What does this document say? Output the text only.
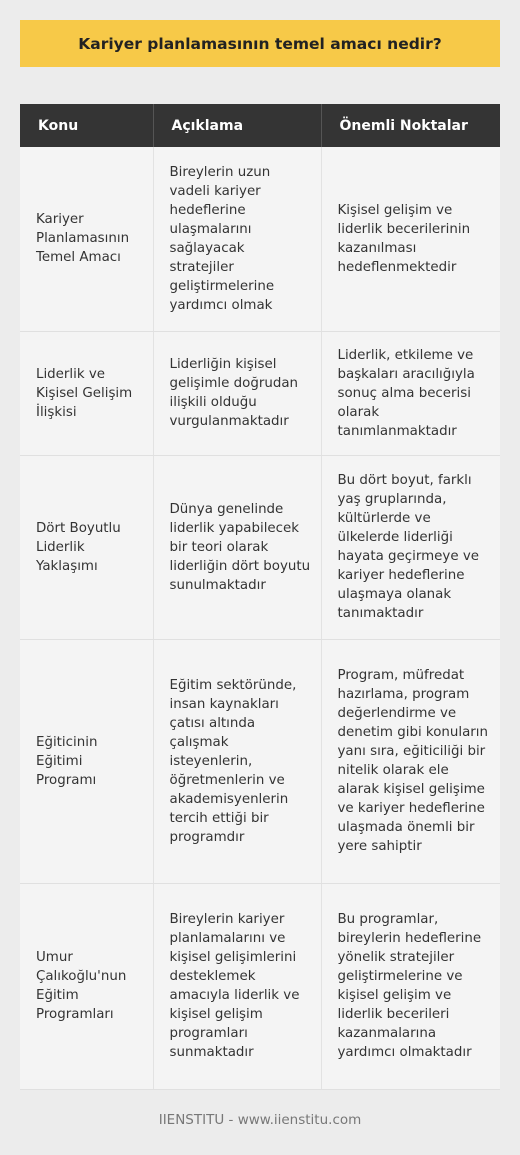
Kariyer planlamasının temel amacı nedir?
Konu	Açıklama	Önemli Noktalar
Kariyer Planlamasının Temel Amacı	Bireylerin uzun vadeli kariyer hedeflerine ulaşmalarını sağlayacak stratejiler geliştirmelerine yardımcı olmak	Kişisel gelişim ve liderlik becerilerinin kazanılması hedeflenmektedir
Liderlik ve Kişisel Gelişim İlişkisi	Liderliğin kişisel gelişimle doğrudan ilişkili olduğu vurgulanmaktadır	Liderlik, etkileme ve başkaları aracılığıyla sonuç alma becerisi olarak tanımlanmaktadır
Dört Boyutlu Liderlik Yaklaşımı	Dünya genelinde liderlik yapabilecek bir teori olarak liderliğin dört boyutu sunulmaktadır	Bu dört boyut, farklı yaş gruplarında, kültürlerde ve ülkelerde liderliği hayata geçirmeye ve kariyer hedeflerine ulaşmaya olanak tanımaktadır
Eğiticinin Eğitimi Programı	Eğitim sektöründe, insan kaynakları çatısı altında çalışmak isteyenlerin, öğretmenlerin ve akademisyenlerin tercih ettiği bir programdır	Program, müfredat hazırlama, program değerlendirme ve denetim gibi konuların yanı sıra, eğiticiliği bir nitelik olarak ele alarak kişisel gelişime ve kariyer hedeflerine ulaşmada önemli bir yere sahiptir
Umur Çalıkoğlu'nun Eğitim Programları	Bireylerin kariyer planlamalarını ve kişisel gelişimlerini desteklemek amacıyla liderlik ve kişisel gelişim programları sunmaktadır	Bu programlar, bireylerin hedeflerine yönelik stratejiler geliştirmelerine ve kişisel gelişim ve liderlik becerileri kazanmalarına yardımcı olmaktadır
IIENSTITU - www.iienstitu.com
